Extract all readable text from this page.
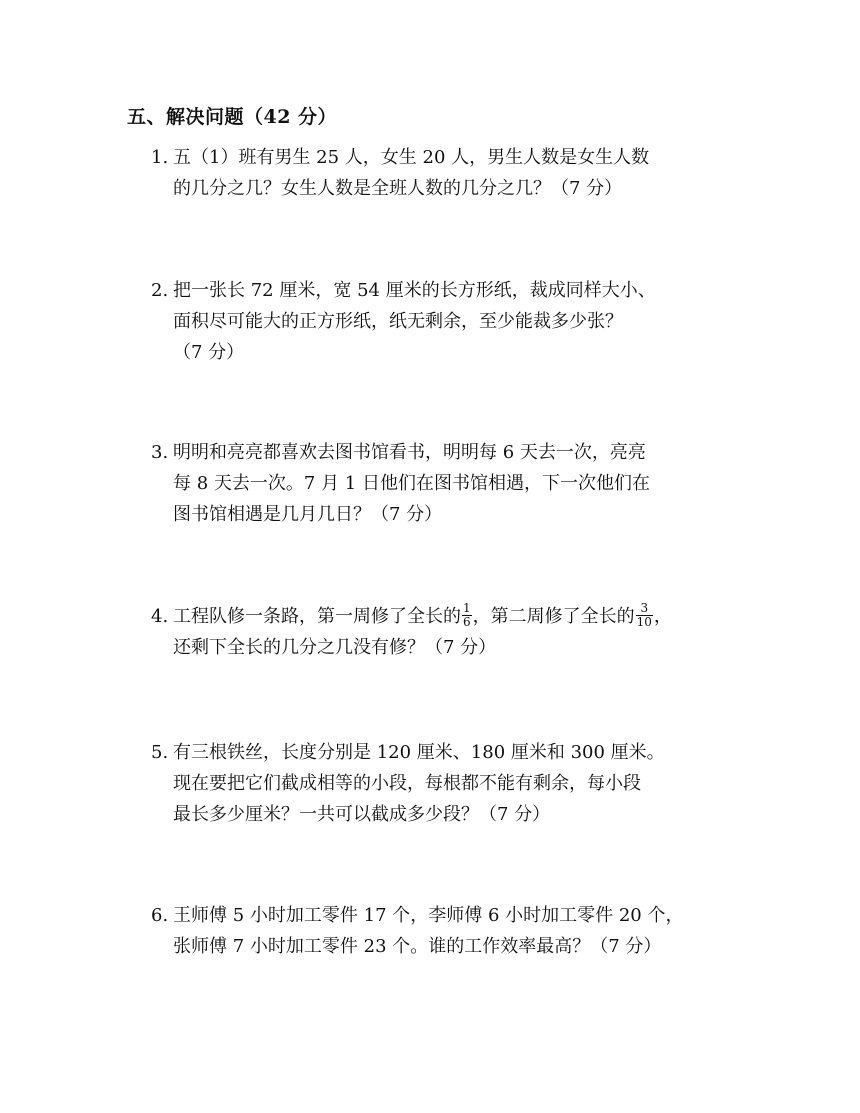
五、解决问题（42 分）
1. 五（1）班有男生 25 人，女生 20 人，男生人数是女生人数
的几分之几？女生人数是全班人数的几分之几？（7 分）
2. 把一张长 72 厘米，宽 54 厘米的长方形纸，裁成同样大小、
面积尽可能大的正方形纸，纸无剩余，至少能裁多少张？
（7 分）
3. 明明和亮亮都喜欢去图书馆看书，明明每 6 天去一次，亮亮
每 8 天去一次。7 月 1 日他们在图书馆相遇，下一次他们在
图书馆相遇是几月几日？（7 分）
4. 工程队修一条路，第一周修了全长的 $\frac{1}{6}$ ，第二周修了全长的 $\frac{3}{10}$ ，
还剩下全长的几分之几没有修？（7 分）
5. 有三根铁丝，长度分别是 120 厘米、180 厘米和 300 厘米。
现在要把它们截成相等的小段，每根都不能有剩余，每小段
最长多少厘米？一共可以截成多少段？（7 分）
6. 王师傅 5 小时加工零件 17 个，李师傅 6 小时加工零件 20 个，
张师傅 7 小时加工零件 23 个。谁的工作效率最高？（7 分）
